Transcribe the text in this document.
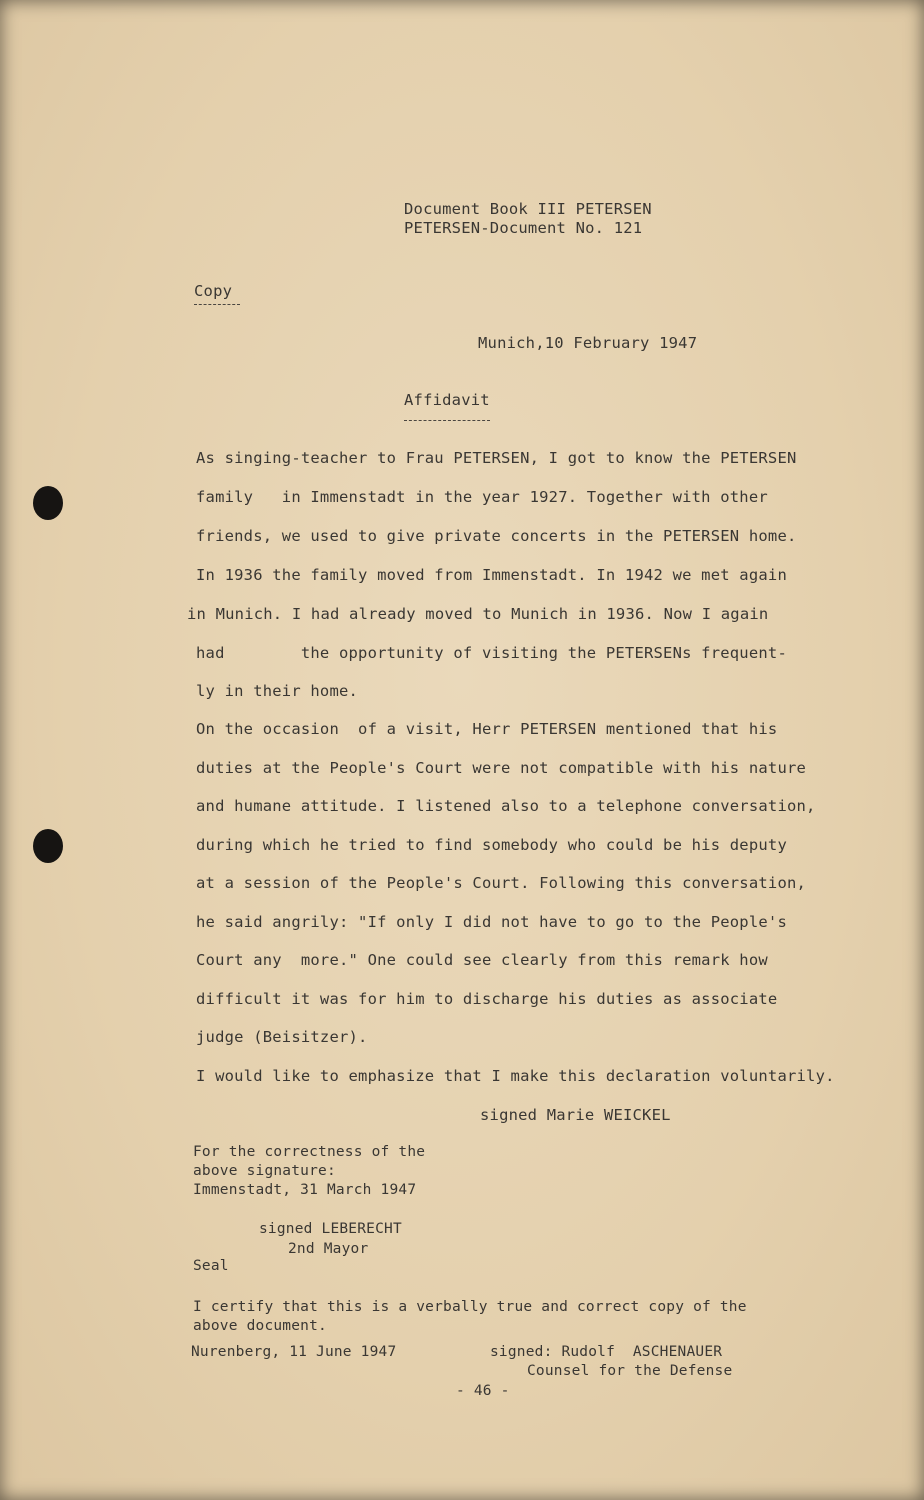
Document Book III PETERSEN
PETERSEN-Document No. 121
Copy
Munich,10 February 1947
Affidavit
As singing-teacher to Frau PETERSEN, I got to know the PETERSEN
family   in Immenstadt in the year 1927. Together with other
friends, we used to give private concerts in the PETERSEN home.
In 1936 the family moved from Immenstadt. In 1942 we met again
in Munich. I had already moved to Munich in 1936. Now I again
had        the opportunity of visiting the PETERSENs frequent-
ly in their home.
On the occasion  of a visit, Herr PETERSEN mentioned that his
duties at the People's Court were not compatible with his nature
and humane attitude. I listened also to a telephone conversation,
during which he tried to find somebody who could be his deputy
at a session of the People's Court. Following this conversation,
he said angrily: "If only I did not have to go to the People's
Court any  more." One could see clearly from this remark how
difficult it was for him to discharge his duties as associate
judge (Beisitzer).
I would like to emphasize that I make this declaration voluntarily.
signed Marie WEICKEL
For the correctness of the
above signature:
Immenstadt, 31 March 1947
signed LEBERECHT
2nd Mayor
Seal
I certify that this is a verbally true and correct copy of the
above document.
Nurenberg, 11 June 1947	signed: Rudolf  ASCHENAUER
Counsel for the Defense
- 46 -
